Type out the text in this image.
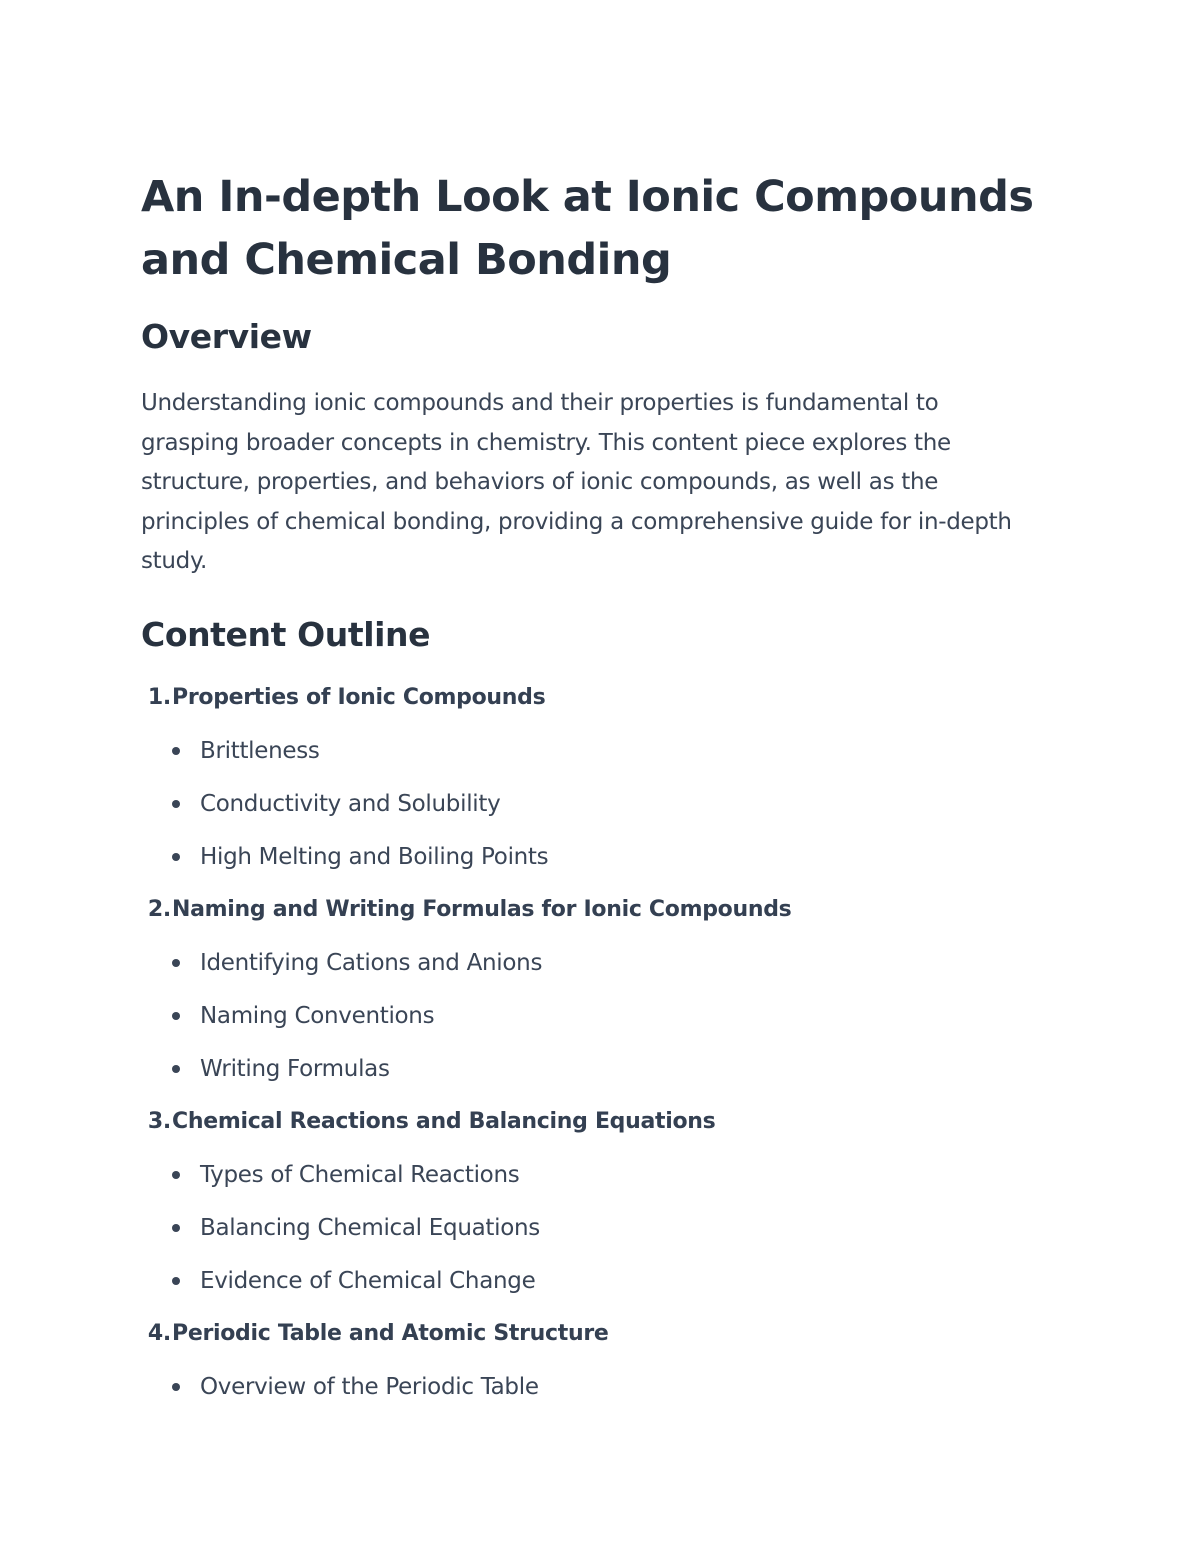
An In-depth Look at Ionic Compounds and Chemical Bonding
Overview

Understanding ionic compounds and their properties is fundamental to grasping broader concepts in chemistry. This content piece explores the structure, properties, and behaviors of ionic compounds, as well as the principles of chemical bonding, providing a comprehensive guide for in-depth study.

Content Outline
1. Properties of Ionic Compounds
Brittleness
Conductivity and Solubility
High Melting and Boiling Points
2. Naming and Writing Formulas for Ionic Compounds
Identifying Cations and Anions
Naming Conventions
Writing Formulas
3. Chemical Reactions and Balancing Equations
Types of Chemical Reactions
Balancing Chemical Equations
Evidence of Chemical Change
4. Periodic Table and Atomic Structure
Overview of the Periodic Table
